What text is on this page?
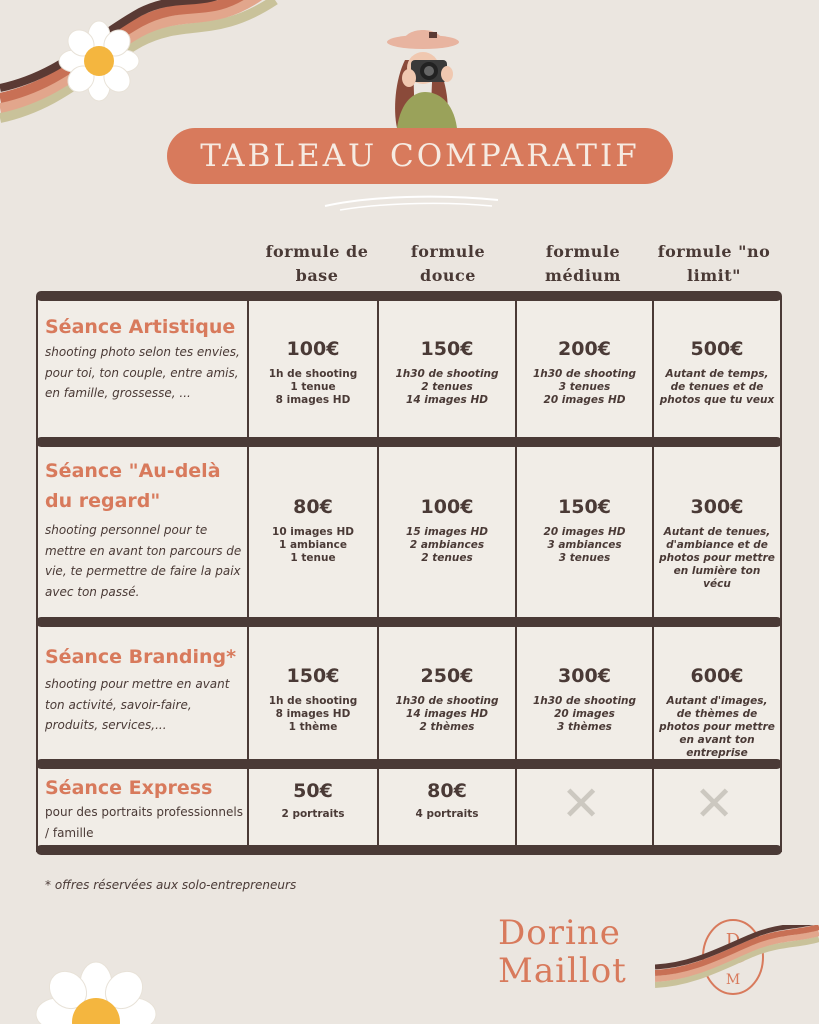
TABLEAU COMPARATIF
formule de base
formule douce
formule médium
formule "no limit"
Séance Artistique
shooting photo selon tes envies, pour toi, ton couple, entre amis, en famille, grossesse, ...
100€
1h de shooting
1 tenue
8 images HD
150€
1h30 de shooting
2 tenues
14 images HD
200€
1h30 de shooting
3 tenues
20 images HD
500€
Autant de temps,
de tenues et de
photos que tu veux
Séance "Au-delà du regard"
shooting personnel pour te mettre en avant ton parcours de vie, te permettre de faire la paix avec ton passé.
80€
10 images HD
1 ambiance
1 tenue
100€
15 images HD
2 ambiances
2 tenues
150€
20 images HD
3 ambiances
3 tenues
300€
Autant de tenues,
d'ambiance et de
photos pour mettre
en lumière ton
vécu
Séance Branding*
shooting pour mettre en avant ton activité, savoir-faire, produits, services,...
150€
1h de shooting
8 images HD
1 thème
250€
1h30 de shooting
14 images HD
2 thèmes
300€
1h30 de shooting
20 images
3 thèmes
600€
Autant d'images,
de thèmes de
photos pour mettre
en avant ton
entreprise
Séance Express
pour des portraits professionnels / famille
50€
2 portraits
80€
4 portraits	✕ ✕
* offres réservées aux solo-entrepreneurs
Dorine
Maillot
D
M
